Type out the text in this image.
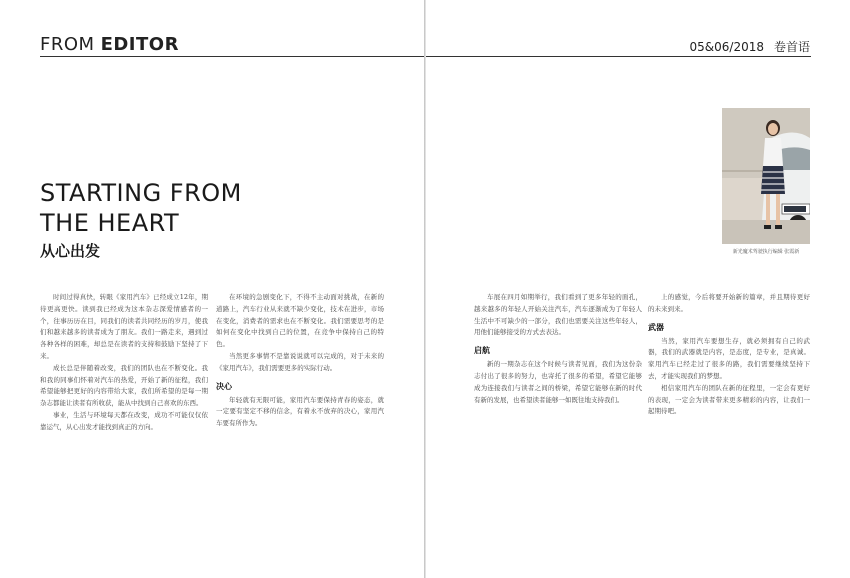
FROM EDITOR
STARTING FROM
THE HEART
从心出发

时间过得真快，转眼《家用汽车》已经成立12年，期待更高更快。读到我已经成为这本杂志深爱情感者的一个，往事历历在目，同我们的读者共同经历的岁月，使我们和越来越多的读者成为了朋友。我们一路走来，遇到过各种各样的困难，却总是在读者的支持和鼓励下坚持了下来。

成长总是伴随着改变，我们的团队也在不断变化。我和我的同事们怀着对汽车的热爱，开始了新的征程，我们希望能够把更好的内容带给大家，我们所希望的是每一期杂志都能让读者有所收获，能从中找到自己喜欢的东西。

事业，生活与环境每天都在改变，成功不可能仅仅依靠运气，从心出发才能找到真正的方向。

在环境的急剧变化下，不得不主动面对挑战，在新的道路上，汽车行业从来就不缺少变化，技术在进步，市场在变化，消费者的需求也在不断变化。我们需要思考的是如何在变化中找到自己的位置，在竞争中保持自己的特色。

当然更多事情不是靠说说就可以完成的，对于未来的《家用汽车》，我们需要更多的实际行动。

决心

年轻就有无限可能，家用汽车要保持青春的姿态，就一定要有坚定不移的信念，有着永不放弃的决心，家用汽车要有所作为。

05&06/2018 卷首语
新光魔术驾驶执行编辑 张霞新

车展在四月如期举行，我们看到了更多年轻的面孔，越来越多的年轻人开始关注汽车，汽车逐渐成为了年轻人生活中不可缺少的一部分，我们也需要关注这些年轻人，用他们能够接受的方式去表达。

启航

新的一期杂志在这个时候与读者见面，我们为这份杂志付出了很多的努力，也寄托了很多的希望，希望它能够成为连接我们与读者之间的桥梁，希望它能够在新的时代有新的发展，也希望读者能够一如既往地支持我们。

上的感觉，今后将要开始新的篇章，并且期待更好的未来到来。

武器

当然，家用汽车要想生存，就必须拥有自己的武器，我们的武器就是内容，是态度，是专业，是真诚。家用汽车已经走过了很多的路，我们需要继续坚持下去，才能实现我们的梦想。

相信家用汽车的团队在新的征程里，一定会有更好的表现，一定会为读者带来更多精彩的内容，让我们一起期待吧。
